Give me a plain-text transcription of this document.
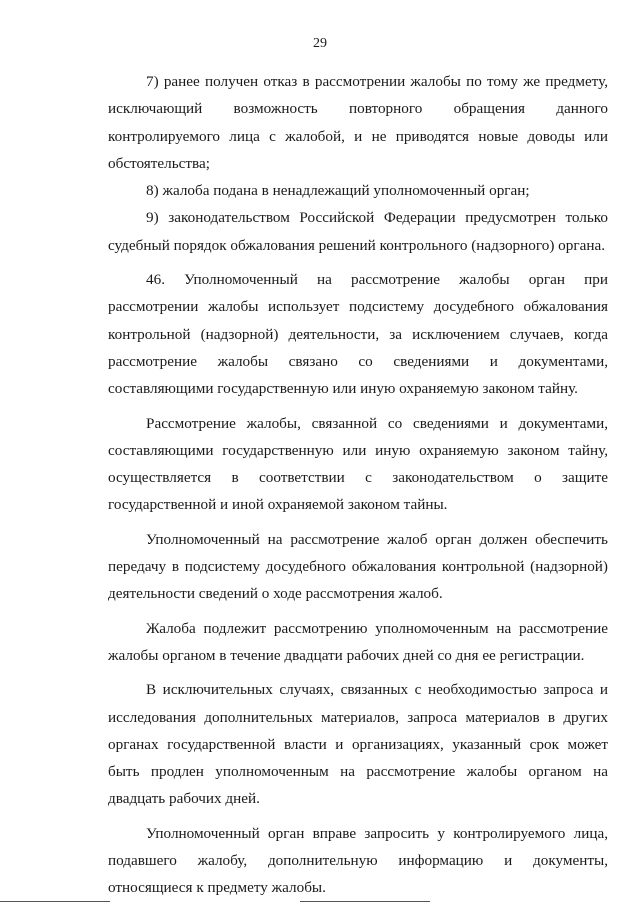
29

7) ранее получен отказ в рассмотрении жалобы по тому же предмету, исключающий возможность повторного обращения данного контролируемого лица с жалобой, и не приводятся новые доводы или обстоятельства;

8) жалоба подана в ненадлежащий уполномоченный орган;

9) законодательством Российской Федерации предусмотрен только судебный порядок обжалования решений контрольного (надзорного) органа.

46. Уполномоченный на рассмотрение жалобы орган при рассмотрении жалобы использует подсистему досудебного обжалования контрольной (надзорной) деятельности, за исключением случаев, когда рассмотрение жалобы связано со сведениями и документами, составляющими государственную или иную охраняемую законом тайну.

Рассмотрение жалобы, связанной со сведениями и документами, составляющими государственную или иную охраняемую законом тайну, осуществляется в соответствии с законодательством о защите государственной и иной охраняемой законом тайны.

Уполномоченный на рассмотрение жалоб орган должен обеспечить передачу в подсистему досудебного обжалования контрольной (надзорной) деятельности сведений о ходе рассмотрения жалоб.

Жалоба подлежит рассмотрению уполномоченным на рассмотрение жалобы органом в течение двадцати рабочих дней со дня ее регистрации.

В исключительных случаях, связанных с необходимостью запроса и исследования дополнительных материалов, запроса материалов в других органах государственной власти и организациях, указанный срок может быть продлен уполномоченным на рассмотрение жалобы органом на двадцать рабочих дней.

Уполномоченный орган вправе запросить у контролируемого лица, подавшего жалобу, дополнительную информацию и документы, относящиеся к предмету жалобы.
